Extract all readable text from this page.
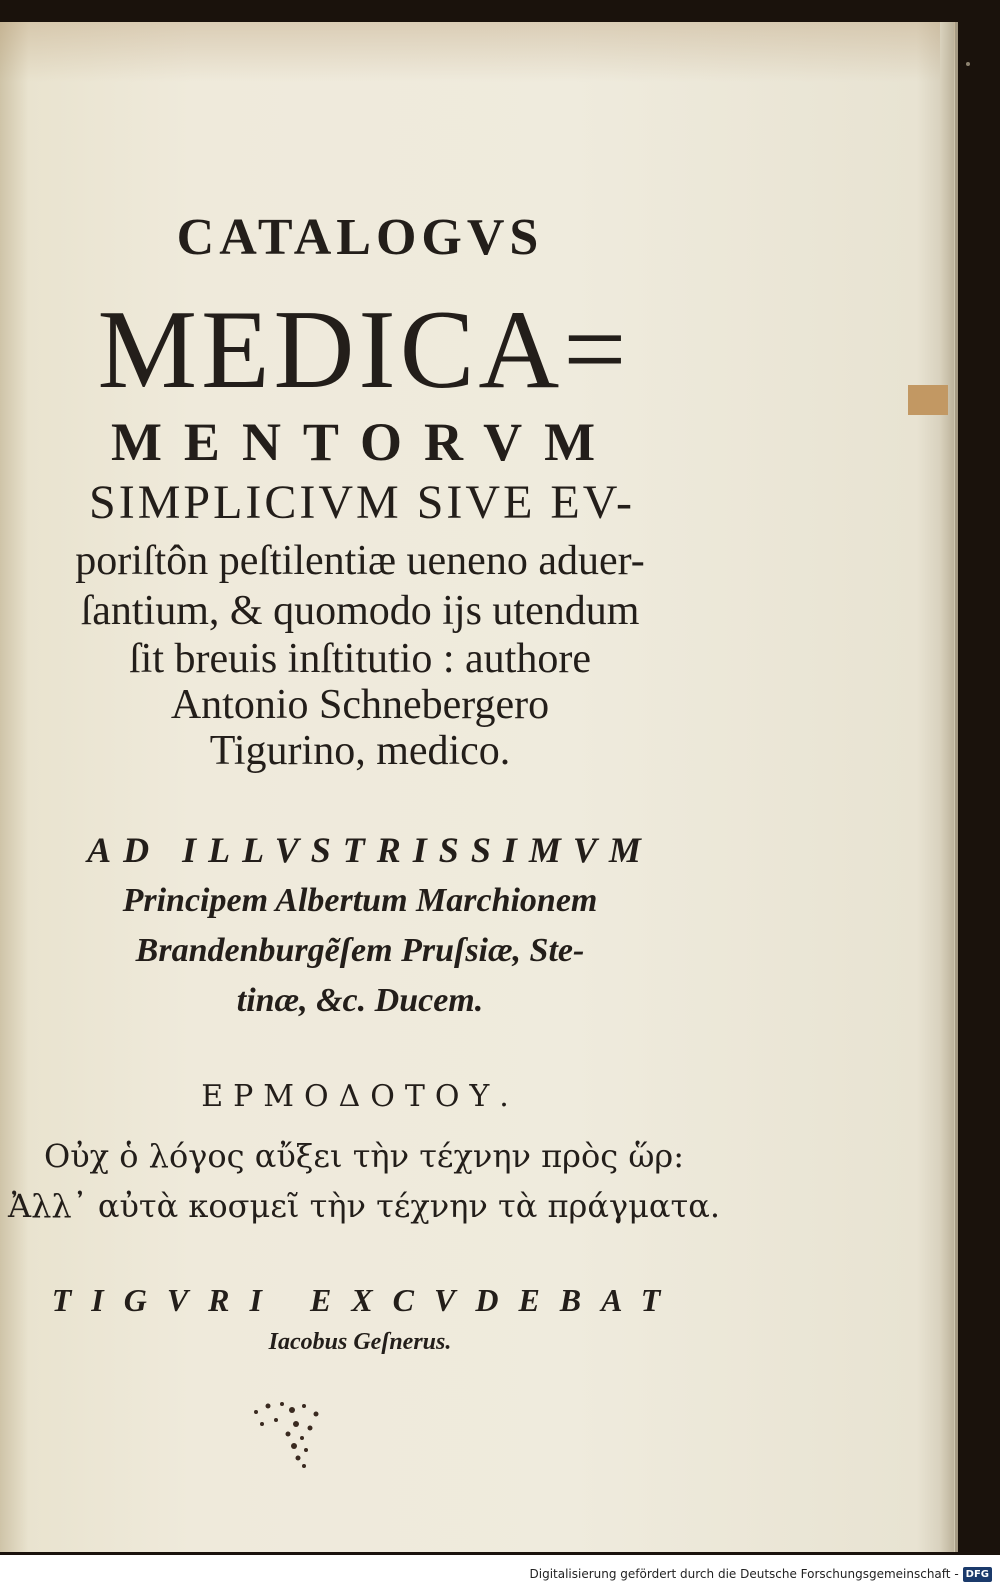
CATALOGVS
MEDICA=
MENTORVM
SIMPLICIVM SIVE EV-
poriſtôn peſtilentiæ ueneno aduer-
ſantium, & quomodo ijs utendum
ſit breuis inſtitutio : authore
Antonio Schnebergero
Tigurino, medico.
AD ILLVSTRISSIMVM
Principem Albertum Marchionem
Brandenburgẽſem Pruſsiæ, Ste-
tinæ, &c. Ducem.
ΕΡΜΟΔΟΤΟΥ.
Οὐχ ὁ λόγος αὔξει τὴν τέχνην πρὸς ὥρ:
Ἀλλ᾽ αὐτὰ κοσμεῖ τὴν τέχνην τὰ πράγματα.
TIGVRI EXCVDEBAT
Iacobus Geſnerus.
Digitalisierung gefördert durch die Deutsche Forschungsgemeinschaft - DFG
